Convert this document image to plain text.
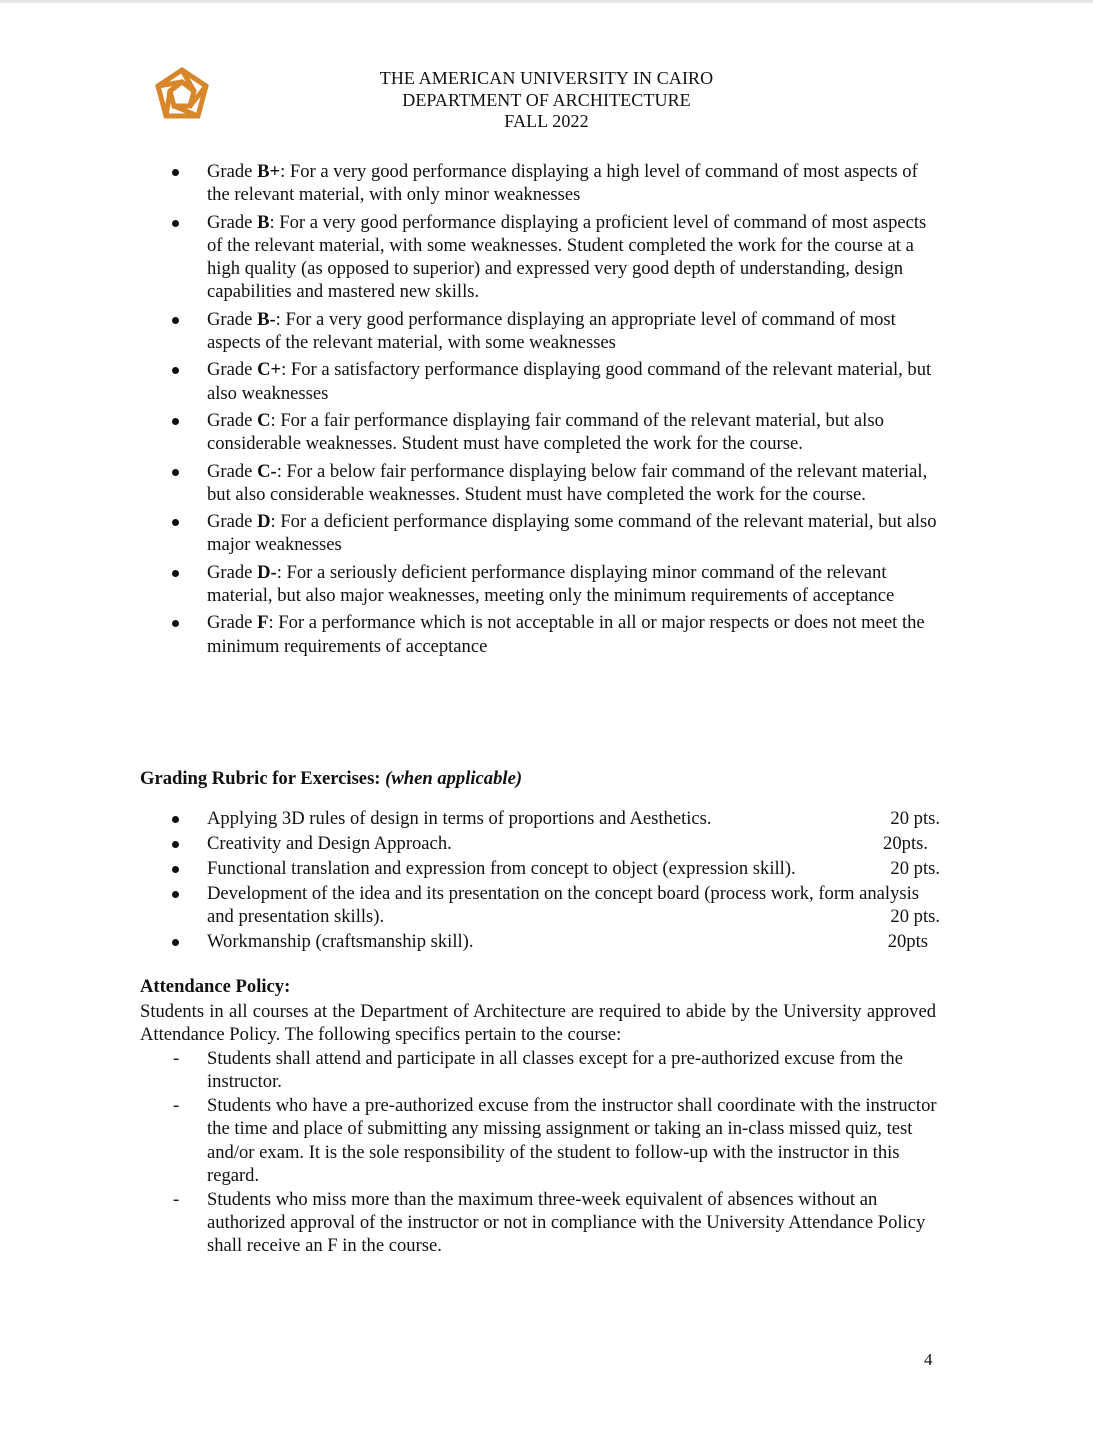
THE AMERICAN UNIVERSITY IN CAIRO
DEPARTMENT OF ARCHITECTURE
FALL 2022
Grade B+: For a very good performance displaying a high level of command of most aspects of the relevant material, with only minor weaknesses
Grade B: For a very good performance displaying a proficient level of command of most aspects of the relevant material, with some weaknesses. Student completed the work for the course at a high quality (as opposed to superior) and expressed very good depth of understanding, design capabilities and mastered new skills.
Grade B-: For a very good performance displaying an appropriate level of command of most aspects of the relevant material, with some weaknesses
Grade C+: For a satisfactory performance displaying good command of the relevant material, but also weaknesses
Grade C: For a fair performance displaying fair command of the relevant material, but also considerable weaknesses. Student must have completed the work for the course.
Grade C-: For a below fair performance displaying below fair command of the relevant material, but also considerable weaknesses. Student must have completed the work for the course.
Grade D: For a deficient performance displaying some command of the relevant material, but also major weaknesses
Grade D-: For a seriously deficient performance displaying minor command of the relevant material, but also major weaknesses, meeting only the minimum requirements of acceptance
Grade F: For a performance which is not acceptable in all or major respects or does not meet the minimum requirements of acceptance
Grading Rubric for Exercises: (when applicable)
Applying 3D rules of design in terms of proportions and Aesthetics.	20 pts.
Creativity and Design Approach.	20pts.
Functional translation and expression from concept to object (expression skill).	20 pts.
Development of the idea and its presentation on the concept board (process work, form analysis and presentation skills).	20 pts.
Workmanship (craftsmanship skill).	20pts
Attendance Policy:
Students in all courses at the Department of Architecture are required to abide by the University approved Attendance Policy. The following specifics pertain to the course:
- Students shall attend and participate in all classes except for a pre-authorized excuse from the instructor.
- Students who have a pre-authorized excuse from the instructor shall coordinate with the instructor the time and place of submitting any missing assignment or taking an in-class missed quiz, test and/or exam. It is the sole responsibility of the student to follow-up with the instructor in this regard.
- Students who miss more than the maximum three-week equivalent of absences without an authorized approval of the instructor or not in compliance with the University Attendance Policy shall receive an F in the course.
4
